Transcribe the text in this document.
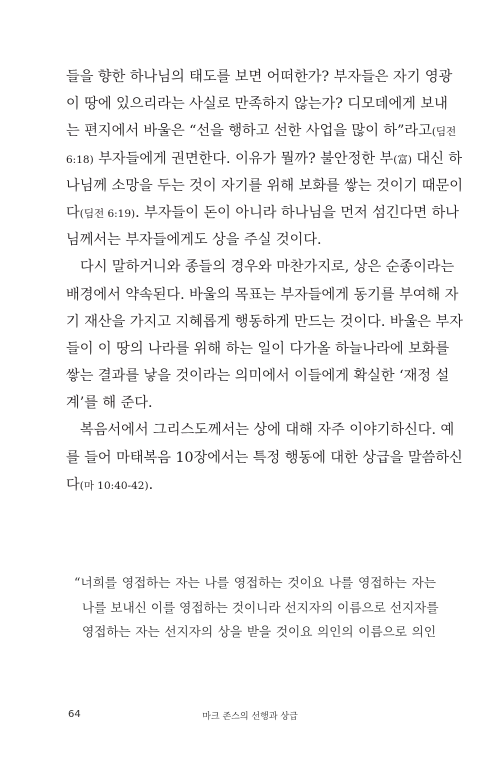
들을 향한 하나님의 태도를 보면 어떠한가? 부자들은 자기 영광
이 땅에 있으리라는 사실로 만족하지 않는가? 디모데에게 보내
는 편지에서 바울은 “선을 행하고 선한 사업을 많이 하”라고(딤전
6:18) 부자들에게 권면한다. 이유가 뭘까? 불안정한 부(富) 대신 하
나님께 소망을 두는 것이 자기를 위해 보화를 쌓는 것이기 때문이
다(딤전 6:19). 부자들이 돈이 아니라 하나님을 먼저 섬긴다면 하나
님께서는 부자들에게도 상을 주실 것이다.
다시 말하거니와 종들의 경우와 마찬가지로, 상은 순종이라는
배경에서 약속된다. 바울의 목표는 부자들에게 동기를 부여해 자
기 재산을 가지고 지혜롭게 행동하게 만드는 것이다. 바울은 부자
들이 이 땅의 나라를 위해 하는 일이 다가올 하늘나라에 보화를
쌓는 결과를 낳을 것이라는 의미에서 이들에게 확실한 ‘재정 설
계’를 해 준다.
복음서에서 그리스도께서는 상에 대해 자주 이야기하신다. 예
를 들어 마태복음 10장에서는 특정 행동에 대한 상급을 말씀하신
다(마 10:40-42).
“너희를 영접하는 자는 나를 영접하는 것이요 나를 영접하는 자는
나를 보내신 이를 영접하는 것이니라 선지자의 이름으로 선지자를
영접하는 자는 선지자의 상을 받을 것이요 의인의 이름으로 의인
64	마크 존스의 선행과 상급
